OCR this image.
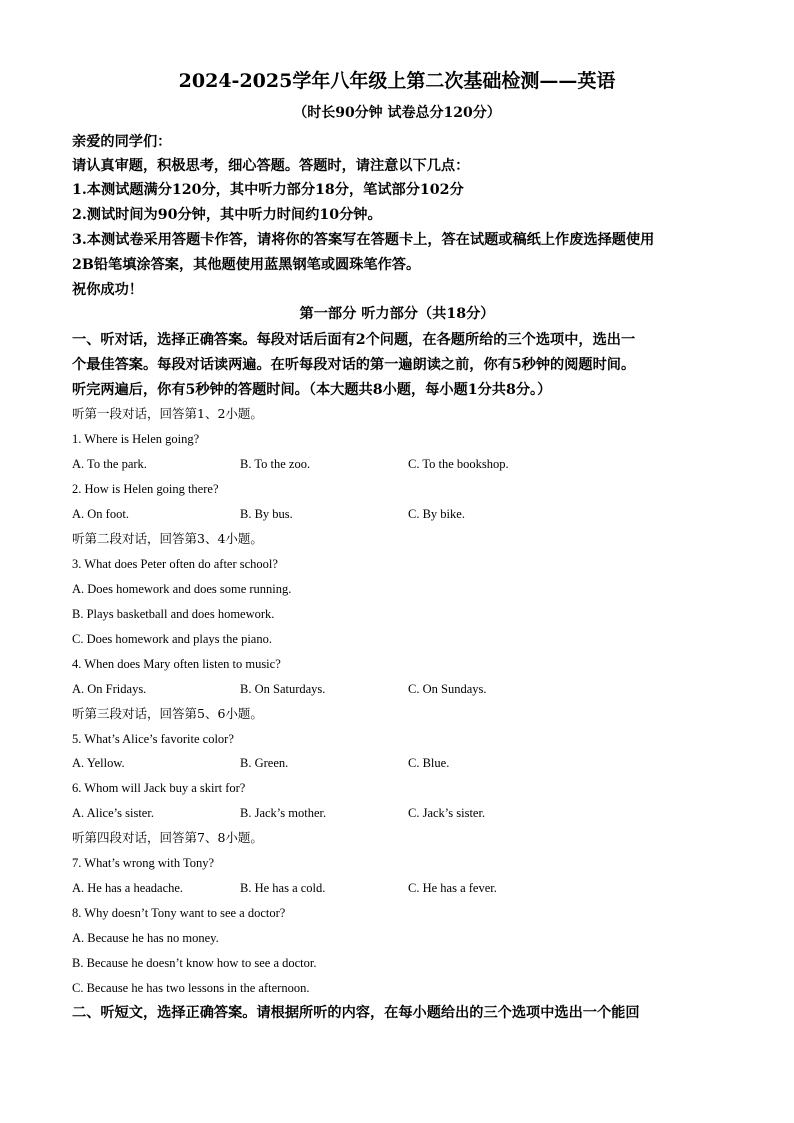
2024-2025学年八年级上第二次基础检测——英语
（时长90分钟 试卷总分120分）
亲爱的同学们：
请认真审题，积极思考，细心答题。答题时，请注意以下几点：
1.本测试题满分120分，其中听力部分18分，笔试部分102分
2.测试时间为90分钟，其中听力时间约10分钟。
3.本测试卷采用答题卡作答，请将你的答案写在答题卡上，答在试题或稿纸上作废选择题使用
2B铅笔填涂答案，其他题使用蓝黑钢笔或圆珠笔作答。
祝你成功！
第一部分 听力部分（共18分）
一、听对话，选择正确答案。每段对话后面有2个问题，在各题所给的三个选项中，选出一
个最佳答案。每段对话读两遍。在听每段对话的第一遍朗读之前，你有5秒钟的阅题时间。
听完两遍后，你有5秒钟的答题时间。（本大题共8小题，每小题1分共8分。）
听第一段对话，回答第1、2小题。
1. Where is Helen going?
A. To the park.	B. To the zoo.	C. To the bookshop.
2. How is Helen going there?
A. On foot.	B. By bus.	C. By bike.
听第二段对话，回答第3、4小题。
3. What does Peter often do after school?
A. Does homework and does some running.
B. Plays basketball and does homework.
C. Does homework and plays the piano.
4. When does Mary often listen to music?
A. On Fridays.	B. On Saturdays.	C. On Sundays.
听第三段对话，回答第5、6小题。
5. What’s Alice’s favorite color?
A. Yellow.	B. Green.	C. Blue.
6. Whom will Jack buy a skirt for?
A. Alice’s sister.	B. Jack’s mother.	C. Jack’s sister.
听第四段对话，回答第7、8小题。
7. What’s wrong with Tony?
A. He has a headache.	B. He has a cold.	C. He has a fever.
8. Why doesn’t Tony want to see a doctor?
A. Because he has no money.
B. Because he doesn’t know how to see a doctor.
C. Because he has two lessons in the afternoon.
二、听短文，选择正确答案。请根据所听的内容，在每小题给出的三个选项中选出一个能回
